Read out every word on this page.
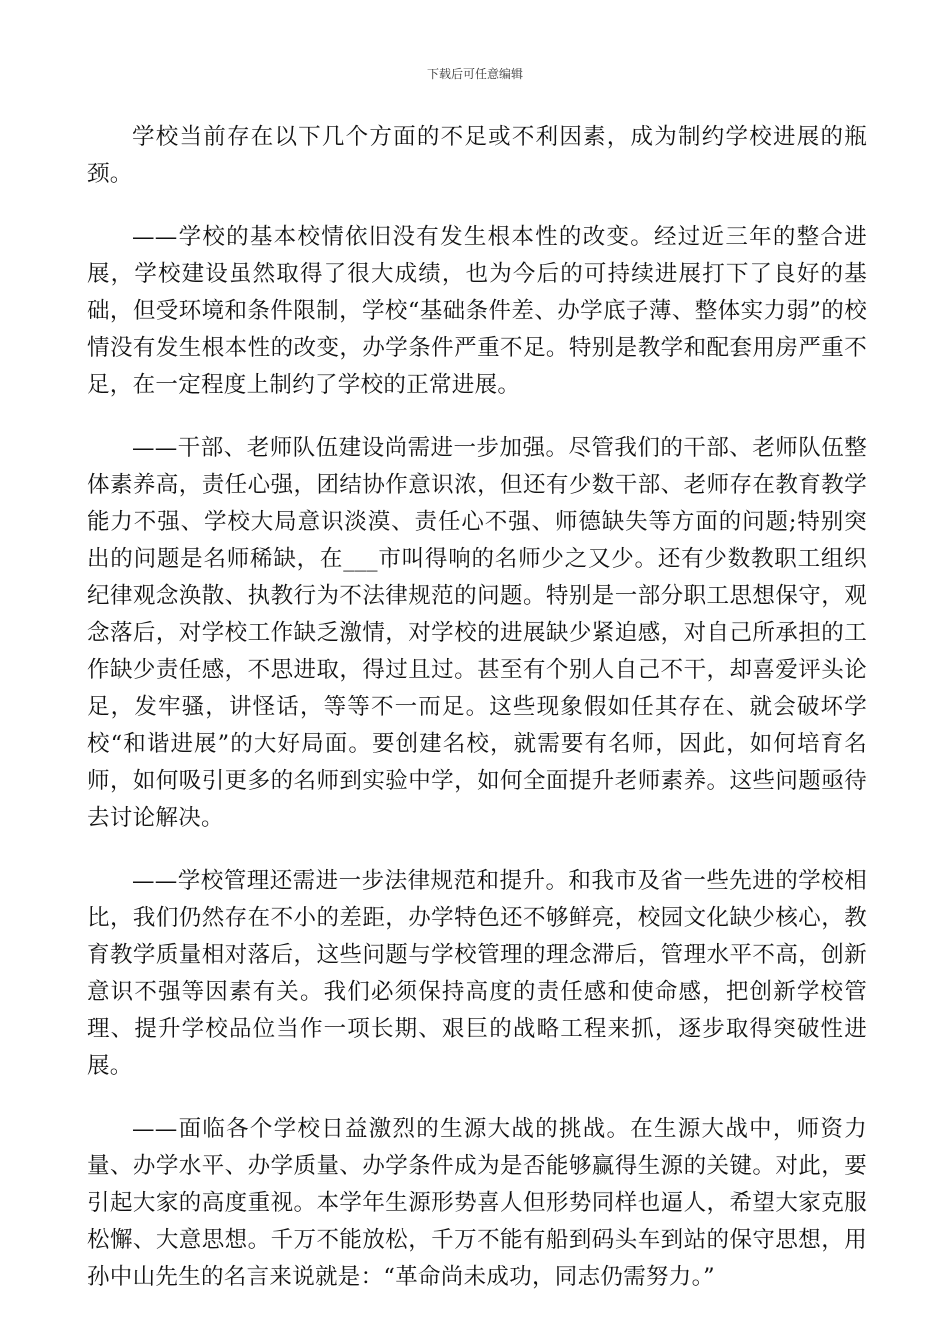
下载后可任意编辑

学校当前存在以下几个方面的不足或不利因素，成为制约学校进展的瓶颈。

——学校的基本校情依旧没有发生根本性的改变。经过近三年的整合进展，学校建设虽然取得了很大成绩，也为今后的可持续进展打下了良好的基础，但受环境和条件限制，学校“基础条件差、办学底子薄、整体实力弱”的校情没有发生根本性的改变，办学条件严重不足。特别是教学和配套用房严重不足，在一定程度上制约了学校的正常进展。

——干部、老师队伍建设尚需进一步加强。尽管我们的干部、老师队伍整体素养高，责任心强，团结协作意识浓，但还有少数干部、老师存在教育教学能力不强、学校大局意识淡漠、责任心不强、师德缺失等方面的问题;特别突出的问题是名师稀缺，在___市叫得响的名师少之又少。还有少数教职工组织纪律观念涣散、执教行为不法律规范的问题。特别是一部分职工思想保守，观念落后，对学校工作缺乏激情，对学校的进展缺少紧迫感，对自己所承担的工作缺少责任感，不思进取，得过且过。甚至有个别人自己不干，却喜爱评头论足，发牢骚，讲怪话，等等不一而足。这些现象假如任其存在、就会破坏学校“和谐进展”的大好局面。要创建名校，就需要有名师，因此，如何培育名师，如何吸引更多的名师到实验中学，如何全面提升老师素养。这些问题亟待去讨论解决。

——学校管理还需进一步法律规范和提升。和我市及省一些先进的学校相比，我们仍然存在不小的差距，办学特色还不够鲜亮，校园文化缺少核心，教育教学质量相对落后，这些问题与学校管理的理念滞后，管理水平不高，创新意识不强等因素有关。我们必须保持高度的责任感和使命感，把创新学校管理、提升学校品位当作一项长期、艰巨的战略工程来抓，逐步取得突破性进展。

——面临各个学校日益激烈的生源大战的挑战。在生源大战中，师资力量、办学水平、办学质量、办学条件成为是否能够赢得生源的关键。对此，要引起大家的高度重视。本学年生源形势喜人但形势同样也逼人，希望大家克服松懈、大意思想。千万不能放松，千万不能有船到码头车到站的保守思想，用孙中山先生的名言来说就是：“革命尚未成功，同志仍需努力。”
